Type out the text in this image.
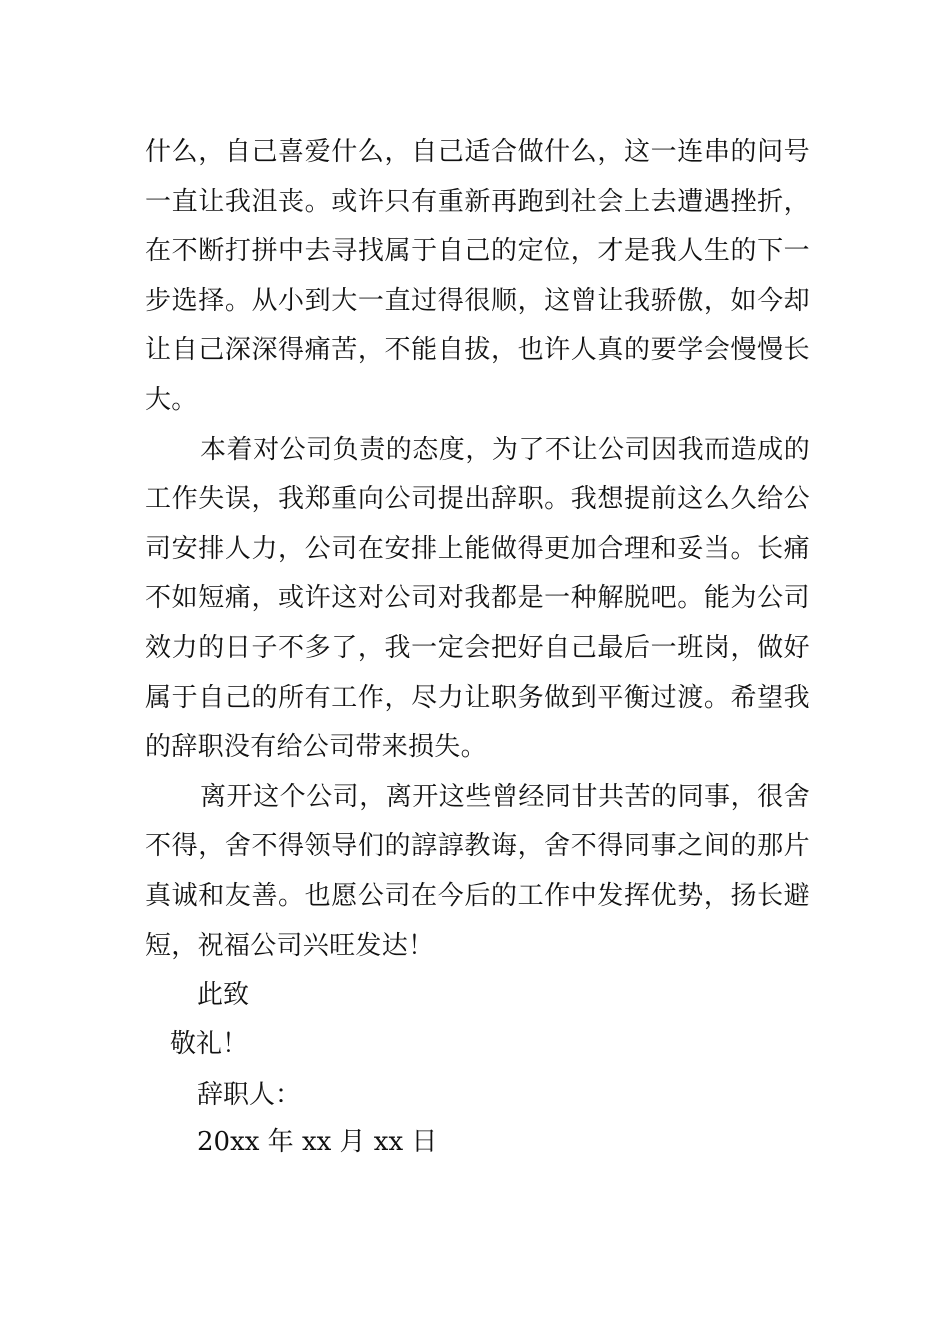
什么，自己喜爱什么，自己适合做什么，这一连串的问号一直让我沮丧。或许只有重新再跑到社会上去遭遇挫折，在不断打拼中去寻找属于自己的定位，才是我人生的下一步选择。从小到大一直过得很顺，这曾让我骄傲，如今却让自己深深得痛苦，不能自拔，也许人真的要学会慢慢长大。

本着对公司负责的态度，为了不让公司因我而造成的工作失误，我郑重向公司提出辞职。我想提前这么久给公司安排人力，公司在安排上能做得更加合理和妥当。长痛不如短痛，或许这对公司对我都是一种解脱吧。能为公司效力的日子不多了，我一定会把好自己最后一班岗，做好属于自己的所有工作，尽力让职务做到平衡过渡。希望我的辞职没有给公司带来损失。

离开这个公司，离开这些曾经同甘共苦的同事，很舍不得，舍不得领导们的諄諄教诲，舍不得同事之间的那片真诚和友善。也愿公司在今后的工作中发挥优势，扬长避短，祝福公司兴旺发达！

此致
敬礼！
辞职人：
20xx 年 xx 月 xx 日
